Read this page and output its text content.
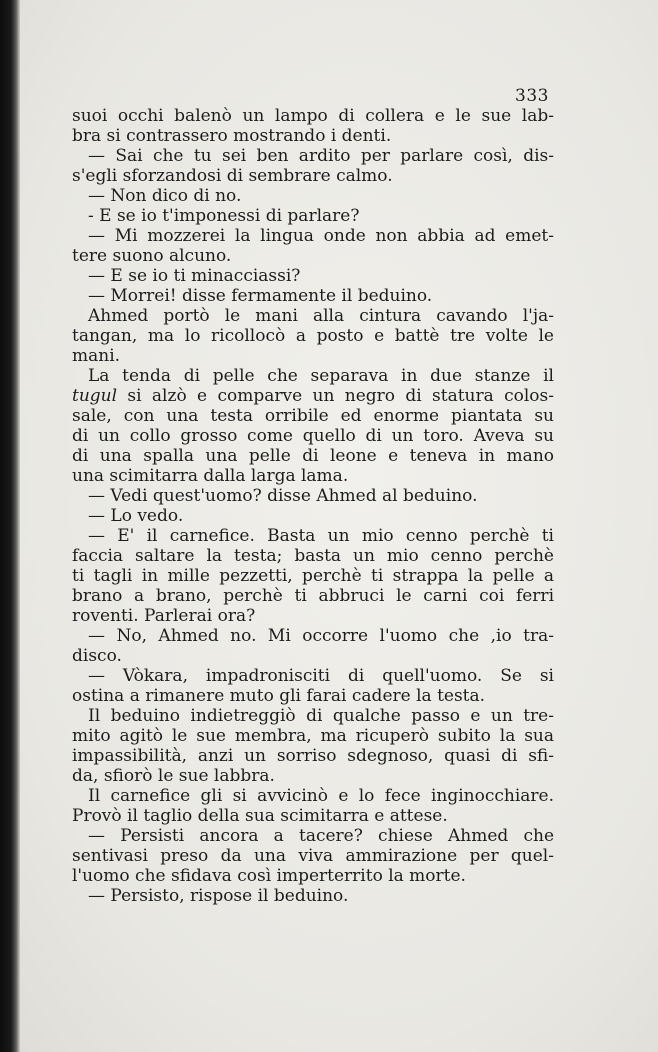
333
suoi occhi balenò un lampo di collera e le sue lab-
bra si contrassero mostrando i denti.
— Sai che tu sei ben ardito per parlare così, dis-
s'egli sforzandosi di sembrare calmo.
— Non dico di no.
- E se io t'imponessi di parlare?
— Mi mozzerei la lingua onde non abbia ad emet-
tere suono alcuno.
— E se io ti minacciassi?
— Morrei! disse fermamente il beduino.
Ahmed portò le mani alla cintura cavando l'ja-
tangan, ma lo ricollocò a posto e battè tre volte le
mani.
La tenda di pelle che separava in due stanze il
tugul si alzò e comparve un negro di statura colos-
sale, con una testa orribile ed enorme piantata su
di un collo grosso come quello di un toro. Aveva su
di una spalla una pelle di leone e teneva in mano
una scimitarra dalla larga lama.
— Vedi quest'uomo? disse Ahmed al beduino.
— Lo vedo.
— E' il carnefice. Basta un mio cenno perchè ti
faccia saltare la testa; basta un mio cenno perchè
ti tagli in mille pezzetti, perchè ti strappa la pelle a
brano a brano, perchè ti abbruci le carni coi ferri
roventi. Parlerai ora?
— No, Ahmed no. Mi occorre l'uomo che ,io tra-
disco.
— Vòkara, impadronisciti di quell'uomo. Se si
ostina a rimanere muto gli farai cadere la testa.
Il beduino indietreggiò di qualche passo e un tre-
mito agitò le sue membra, ma ricuperò subito la sua
impassibilità, anzi un sorriso sdegnoso, quasi di sfi-
da, sfiorò le sue labbra.
Il carnefice gli si avvicinò e lo fece inginocchiare.
Provò il taglio della sua scimitarra e attese.
— Persisti ancora a tacere? chiese Ahmed che
sentivasi preso da una viva ammirazione per quel-
l'uomo che sfidava così imperterrito la morte.
— Persisto, rispose il beduino.
